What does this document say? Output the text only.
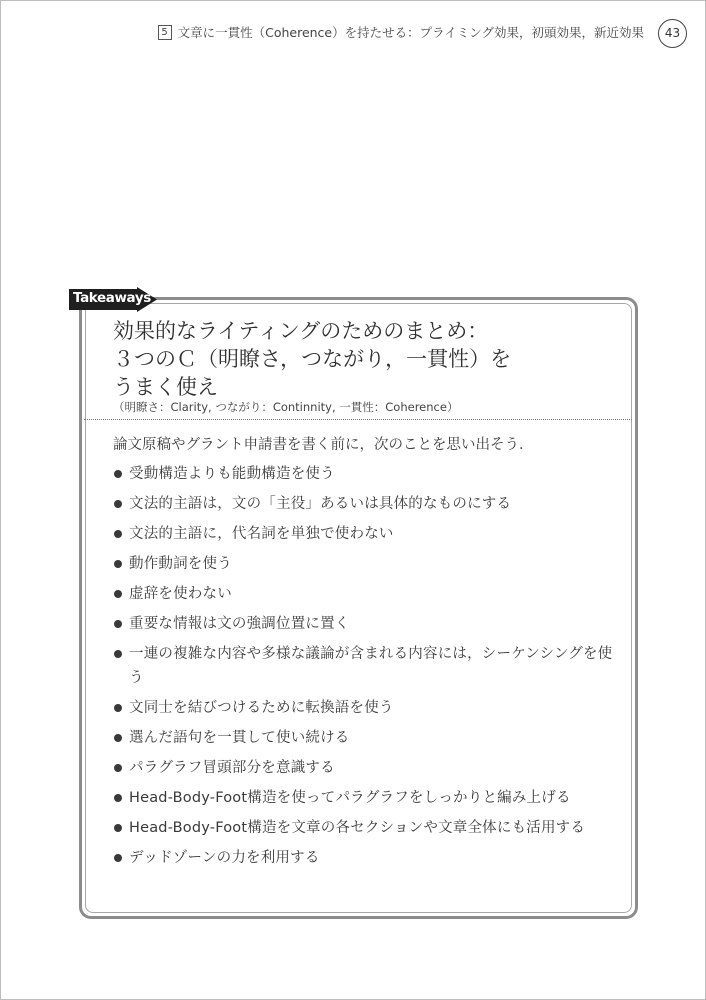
5 文章に一貫性（Coherence）を持たせる：プライミング効果，初頭効果，新近効果	43
Takeaways
効果的なライティングのためのまとめ：
３つのＣ（明瞭さ，つながり，一貫性）を
うまく使え
（明瞭さ：Clarity, つながり：Continnity, 一貫性：Coherence）
論文原稿やグラント申請書を書く前に，次のことを思い出そう．
受動構造よりも能動構造を使う
文法的主語は，文の「主役」あるいは具体的なものにする
文法的主語に，代名詞を単独で使わない
動作動詞を使う
虚辞を使わない
重要な情報は文の強調位置に置く
一連の複雑な内容や多様な議論が含まれる内容には，シーケンシングを使う
文同士を結びつけるために転換語を使う
選んだ語句を一貫して使い続ける
パラグラフ冒頭部分を意識する
Head-Body-Foot構造を使ってパラグラフをしっかりと編み上げる
Head-Body-Foot構造を文章の各セクションや文章全体にも活用する
デッドゾーンの力を利用する
